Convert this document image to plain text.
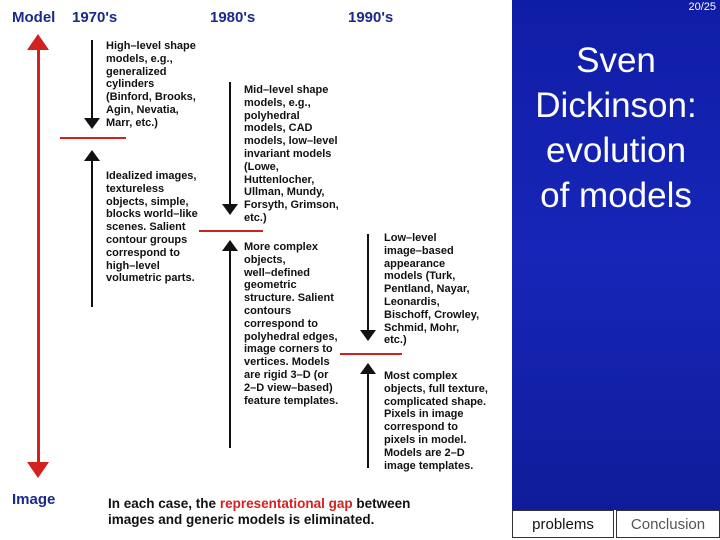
Model 1970's	1980's	1990's
High–level shape
models, e.g.,
generalized
cylinders
(Binford, Brooks,
Agin, Nevatia,
Marr, etc.)
Idealized images,
textureless
objects, simple,
blocks world–like
scenes. Salient
contour groups
correspond to
high–level
volumetric parts.
Mid–level shape
models, e.g.,
polyhedral
models, CAD
models, low–level
invariant models
(Lowe,
Huttenlocher,
Ullman, Mundy,
Forsyth, Grimson,
etc.)
More complex
objects,
well–defined
geometric
structure. Salient
contours
correspond to
polyhedral edges,
image corners to
vertices. Models
are rigid 3–D (or
2–D view–based)
feature templates.
Low–level
image–based
appearance
models (Turk,
Pentland, Nayar,
Leonardis,
Bischoff, Crowley,
Schmid, Mohr,
etc.)
Most complex
objects, full texture,
complicated shape.
Pixels in image
correspond to
pixels in model.
Models are 2–D
image templates.
Image	In each case, the representational gap between
images and generic models is eliminated.
20/25
Sven
Dickinson:
evolution
of models
problems	Conclusion
